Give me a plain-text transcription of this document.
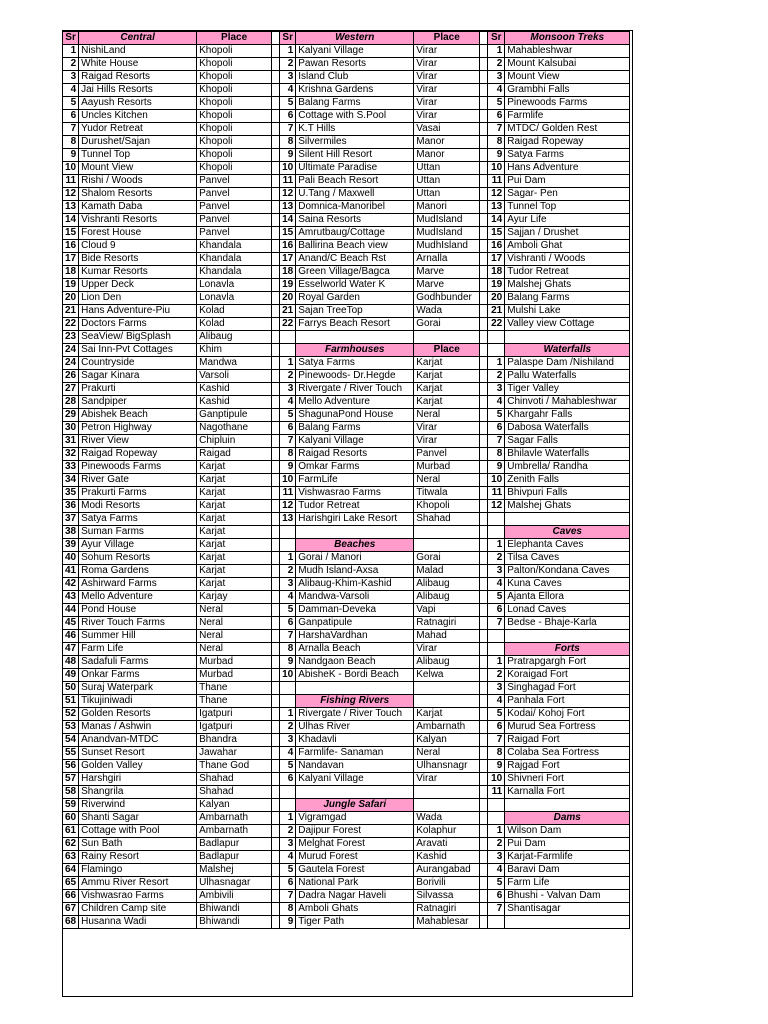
Sr	Central	Place		Sr	Western	Place		Sr	Monsoon Treks
1	NishiLand	Khopoli		1	Kalyani Village	Virar		1	Mahableshwar
2	White House	Khopoli		2	Pawan Resorts	Virar		2	Mount Kalsubai
3	Raigad Resorts	Khopoli		3	Island Club	Virar		3	Mount View
4	Jai Hills Resorts	Khopoli		4	Krishna Gardens	Virar		4	Grambhi Falls
5	Aayush Resorts	Khopoli		5	Balang Farms	Virar		5	Pinewoods Farms
6	Uncles Kitchen	Khopoli		6	Cottage with S.Pool	Virar		6	Farmlife
7	Yudor Retreat	Khopoli		7	K.T Hills	Vasai		7	MTDC/ Golden Rest
8	Durushet/Sajan	Khopoli		8	Silvermiles	Manor		8	Raigad Ropeway
9	Tunnel Top	Khopoli		9	Silent Hill Resort	Manor		9	Satya Farms
10	Mount View	Khopoli		10	Ultimate Paradise	Uttan		10	Hans Adventure
11	Rishi / Woods	Panvel		11	Pali Beach Resort	Uttan		11	Pui Dam
12	Shalom Resorts	Panvel		12	U.Tang / Maxwell	Uttan		12	Sagar- Pen
13	Kamath Daba	Panvel		13	Domnica-Manoribel	Manori		13	Tunnel Top
14	Vishranti Resorts	Panvel		14	Saina Resorts	MudIsland		14	Ayur Life
15	Forest House	Panvel		15	Amrutbaug/Cottage	MudIsland		15	Sajjan / Drushet
16	Cloud 9	Khandala		16	Ballirina Beach view	MudhIsland		16	Amboli Ghat
17	Bide Resorts	Khandala		17	Anand/C Beach Rst	Arnalla		17	Vishranti / Woods
18	Kumar Resorts	Khandala		18	Green Village/Bagca	Marve		18	Tudor Retreat
19	Upper Deck	Lonavla		19	Esselworld Water K	Marve		19	Malshej Ghats
20	Lion Den	Lonavla		20	Royal Garden	Godhbunder		20	Balang Farms
21	Hans Adventure-Piu	Kolad		21	Sajan TreeTop	Wada		21	Mulshi Lake
22	Doctors Farms	Kolad		22	Farrys Beach Resort	Gorai		22	Valley view Cottage
23	SeaView/ BigSplash	Alibaug							
24	Sai Inn-Pvt Cottages	Khim			Farmhouses	Place			Waterfalls
24	Countryside	Mandwa		1	Satya Farms	Karjat		1	Palaspe Dam /Nishiland
26	Sagar Kinara	Varsoli		2	Pinewoods- Dr.Hegde	Karjat		2	Pallu Waterfalls
27	Prakurti	Kashid		3	Rivergate / River Touch	Karjat		3	Tiger Valley
28	Sandpiper	Kashid		4	Mello Adventure	Karjat		4	Chinvoti / Mahableshwar
29	Abishek Beach	Ganptipule		5	ShagunaPond House	Neral		5	Khargahr Falls
30	Petron Highway	Nagothane		6	Balang Farms	Virar		6	Dabosa Waterfalls
31	River View	Chipluin		7	Kalyani Village	Virar		7	Sagar Falls
32	Raigad Ropeway	Raigad		8	Raigad Resorts	Panvel		8	Bhilavle Waterfalls
33	Pinewoods Farms	Karjat		9	Omkar Farms	Murbad		9	Umbrella/ Randha
34	River Gate	Karjat		10	FarmLife	Neral		10	Zenith Falls
35	Prakurti Farms	Karjat		11	Vishwasrao Farms	Titwala		11	Bhivpuri Falls
36	Modi Resorts	Karjat		12	Tudor Retreat	Khopoli		12	Malshej Ghats
37	Satya Farms	Karjat		13	Harishgiri Lake Resort	Shahad			
38	Suman Farms	Karjat							Caves
39	Ayur Village	Karjat			Beaches			1	Elephanta Caves
40	Sohum Resorts	Karjat		1	Gorai / Manori	Gorai		2	Tilsa Caves
41	Roma Gardens	Karjat		2	Mudh Island-Axsa	Malad		3	Palton/Kondana Caves
42	Ashirward Farms	Karjat		3	Alibaug-Khim-Kashid	Alibaug		4	Kuna Caves
43	Mello Adventure	Karjay		4	Mandwa-Varsoli	Alibaug		5	Ajanta Ellora
44	Pond House	Neral		5	Damman-Deveka	Vapi		6	Lonad Caves
45	River Touch Farms	Neral		6	Ganpatipule	Ratnagiri		7	Bedse - Bhaje-Karla
46	Summer Hill	Neral		7	HarshaVardhan	Mahad			
47	Farm Life	Neral		8	Arnalla Beach	Virar			Forts
48	Sadafuli Farms	Murbad		9	Nandgaon Beach	Alibaug		1	Pratrapgargh Fort
49	Onkar Farms	Murbad		10	AbisheK - Bordi Beach	Kelwa		2	Koraigad Fort
50	Suraj Waterpark	Thane						3	Singhagad Fort
51	Tikujiniwadi	Thane			Fishing Rivers			4	Panhala Fort
52	Golden Resorts	Igatpuri		1	Rivergate / River Touch	Karjat		5	Kodai/ Kohoj Fort
53	Manas / Ashwin	Igatpuri		2	Ulhas River	Ambarnath		6	Murud Sea Fortress
54	Anandvan-MTDC	Bhandra		3	Khadavli	Kalyan		7	Raigad Fort
55	Sunset Resort	Jawahar		4	Farmlife- Sanaman	Neral		8	Colaba Sea Fortress
56	Golden Valley	Thane God		5	Nandavan	Ulhansnagr		9	Rajgad Fort
57	Harshgiri	Shahad		6	Kalyani Village	Virar		10	Shivneri Fort
58	Shangrila	Shahad						11	Karnalla Fort
59	Riverwind	Kalyan			Jungle Safari				
60	Shanti Sagar	Ambarnath		1	Vigramgad	Wada			Dams
61	Cottage with Pool	Ambarnath		2	Dajipur Forest	Kolaphur		1	Wilson Dam
62	Sun Bath	Badlapur		3	Melghat Forest	Aravati		2	Pui Dam
63	Rainy Resort	Badlapur		4	Murud Forest	Kashid		3	Karjat-Farmlife
64	Flamingo	Malshej		5	Gautela Forest	Aurangabad		4	Baravi Dam
65	Ammu River Resort	Ulhasnagar		6	National Park	Borivili		5	Farm Life
66	Vishwasrao Farms	Ambivili		7	Dadra Nagar Haveli	Silvassa		6	Bhushi - Valvan Dam
67	Children Camp site	Bhiwandi		8	Amboli Ghats	Ratnagiri		7	Shantisagar
68	Husanna Wadi	Bhiwandi		9	Tiger Path	Mahablesar			
